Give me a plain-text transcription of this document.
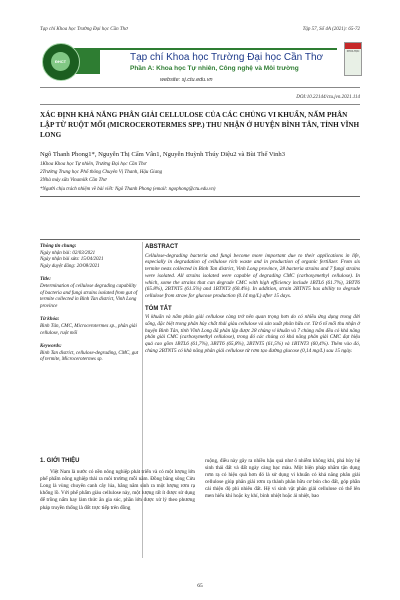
Tạp chí Khoa học Trường Đại học Cần Thơ	Tập 57, Số 4A (2021): 65-72
ĐHCT	Tạp chí Khoa học Trường Đại học Cần Thơ
Phần A: Khoa học Tự nhiên, Công nghệ và Môi trường
website: sj.ctu.edu.vn
KHOA HỌC
DOI:10.22144/ctu.jvn.2021.114
XÁC ĐỊNH KHẢ NĂNG PHÂN GIẢI CELLULOSE CỦA CÁC CHỦNG VI KHUẨN, NẤM PHÂN LẬP TỪ RUỘT MỐI (MICROCEROTERMES SPP.) THU NHẬN Ở HUYỆN BÌNH TÂN, TỈNH VĨNH LONG
Ngô Thanh Phong1*, Nguyễn Thị Cẩm Vân1, Nguyễn Huỳnh Thúy Diệu2 và Bùi Thế Vinh3
1Khoa Khoa học Tự nhiên, Trường Đại học Cần Thơ
2Trường Trung học Phổ thông Chuyên Vị Thanh, Hậu Giang
3Nhà máy sữa Vinamilk Cần Thơ
*Người chịu trách nhiệm về bài viết: Ngô Thanh Phong (email: ngophong@ctu.edu.vn)
Thông tin chung:
Ngày nhận bài: 02/03/2021
Ngày nhận bài sửa: 15/04/2021
Ngày duyệt đăng: 20/08/2021
Title:
Determination of cellulose degrading capability of bacteria and fungi strains isolated from gut of termite collected in Binh Tan district, Vinh Long province
Từ khóa:
Bình Tân, CMC, Microcerotermes sp., phân giải cellulose, ruột mối
Keywords:
Binh Tan district, cellulose-degrading, CMC, gut of termite, Microcerotermes sp.
ABSTRACT

Cellulose-degrading bacteria and fungi become more important due to their applications in life, especially in degradation of cellulose rich waste and in production of organic fertilizer. From six termite nests collected in Binh Tan district, Vinh Long province, 28 bacteria strains and 7 fungi strains were isolated. All strains isolated were capable of degrading CMC (carboxymethyl cellulose). In which, some the strains that can degrade CMC with high efficiency include 1BTL6 (61.7%), 3BTT6 (65.8%), 2BTNT5 (61.5%) and 1BTNT3 (60.4%). In addition, strain 2BTNT5 has ability to degrade cellulose from straw for glucose production (0.14 mg/L) after 15 days.

TÓM TẮT

Vi khuẩn và nấm phân giải cellulose càng trở nên quan trọng hơn do có nhiều ứng dụng trong đời sống, đặc biệt trong phân hủy chất thải giàu cellulose và sản xuất phân hữu cơ. Từ 6 tổ mối thu nhận ở huyện Bình Tân, tỉnh Vĩnh Long đã phân lập được 28 chủng vi khuẩn và 7 chủng nấm đều có khả năng phân giải CMC (carboxymethyl cellulose), trong đó các chủng có khả năng phân giải CMC đạt hiệu quả cao gồm 1BTL6 (61,7%), 3BTT6 (65,8%), 2BTNT5 (61,5%) và 1BTNT3 (60,4%). Thêm vào đó, chủng 2BTNT5 có khả năng phân giải cellulose từ rơm tạo đường glucose (0,14 mg/L) sau 15 ngày.

1. GIỚI THIỆU

Việt Nam là nước có nền nông nghiệp phát triển và có một lượng lớn phế phẩm nông nghiệp thải ra môi trường mỗi năm. Đồng bằng sông Cửu Long là vùng chuyên canh cây lúa, hằng năm sinh ra một lượng rơm rạ khổng lồ. Với phế phẩm giàu cellulose này, một lượng rất ít được sử dụng để trồng nấm hay làm thức ăn gia súc, phần lớn được xử lý theo phương pháp truyền thống là đốt trực tiếp trên đồng

ruộng, điều này gây ra nhiều hậu quả như ô nhiễm không khí, phá hủy hệ sinh thái đất và đất ngày càng bạc màu. Một biện pháp nhằm tận dụng rơm rạ có hiệu quả hơn đó là sử dụng vi khuẩn có khả năng phân giải cellulose giúp phân giải rơm rạ thành phân hữu cơ bón cho đất, góp phần cải thiện độ phì nhiêu đất. Hệ vi sinh vật phân giải cellulose có thể lên men hiếu khí hoặc kỵ khí, bình nhiệt hoặc ái nhiệt, bao

65
